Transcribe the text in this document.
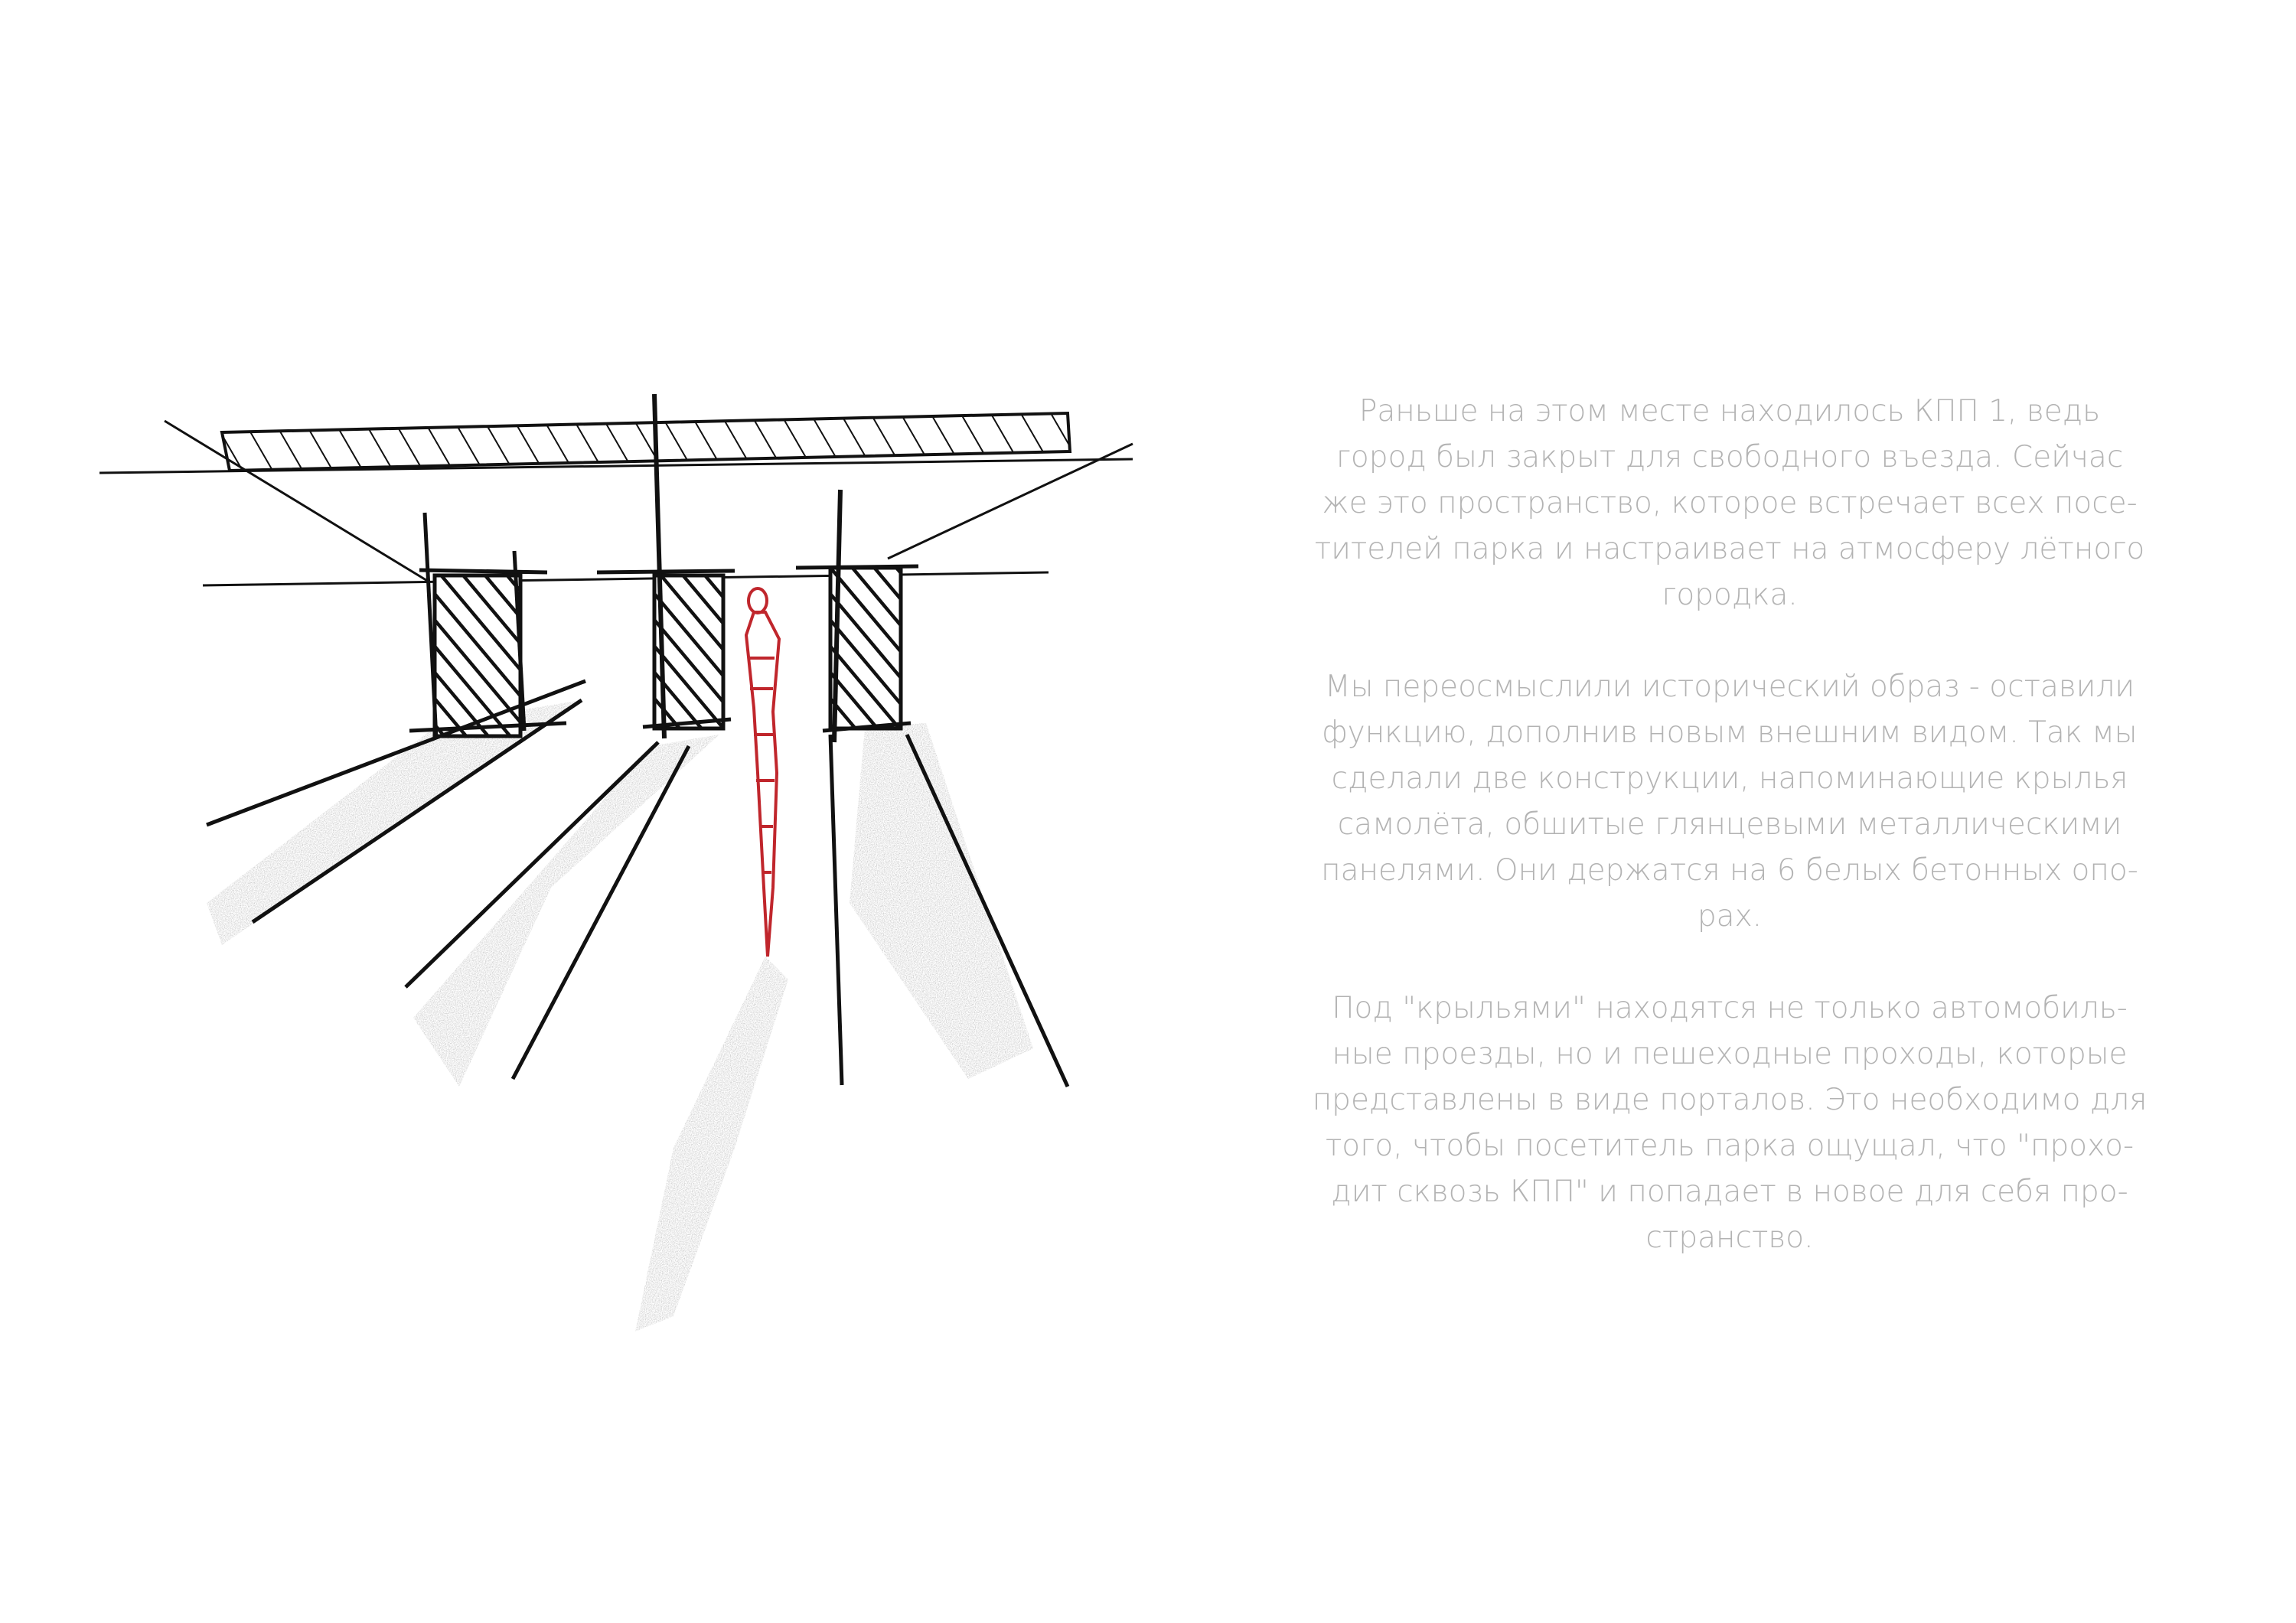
Раньше на этом месте находилось КПП 1, ведь
город был закрыт для свободного въезда. Сейчас
же это пространство, которое встречает всех посе-
тителей парка и настраивает на атмосферу лётного
городка.

Мы переосмыслили исторический образ - оставили
функцию, дополнив новым внешним видом. Так мы
сделали две конструкции, напоминающие крылья
самолёта, обшитые глянцевыми металлическими
панелями. Они держатся на 6 белых бетонных опо-
рах.

Под "крыльями" находятся не только автомобиль-
ные проезды, но и пешеходные проходы, которые
представлены в виде порталов. Это необходимо для
того, чтобы посетитель парка ощущал, что "прохо-
дит сквозь КПП" и попадает в новое для себя про-
странство.
